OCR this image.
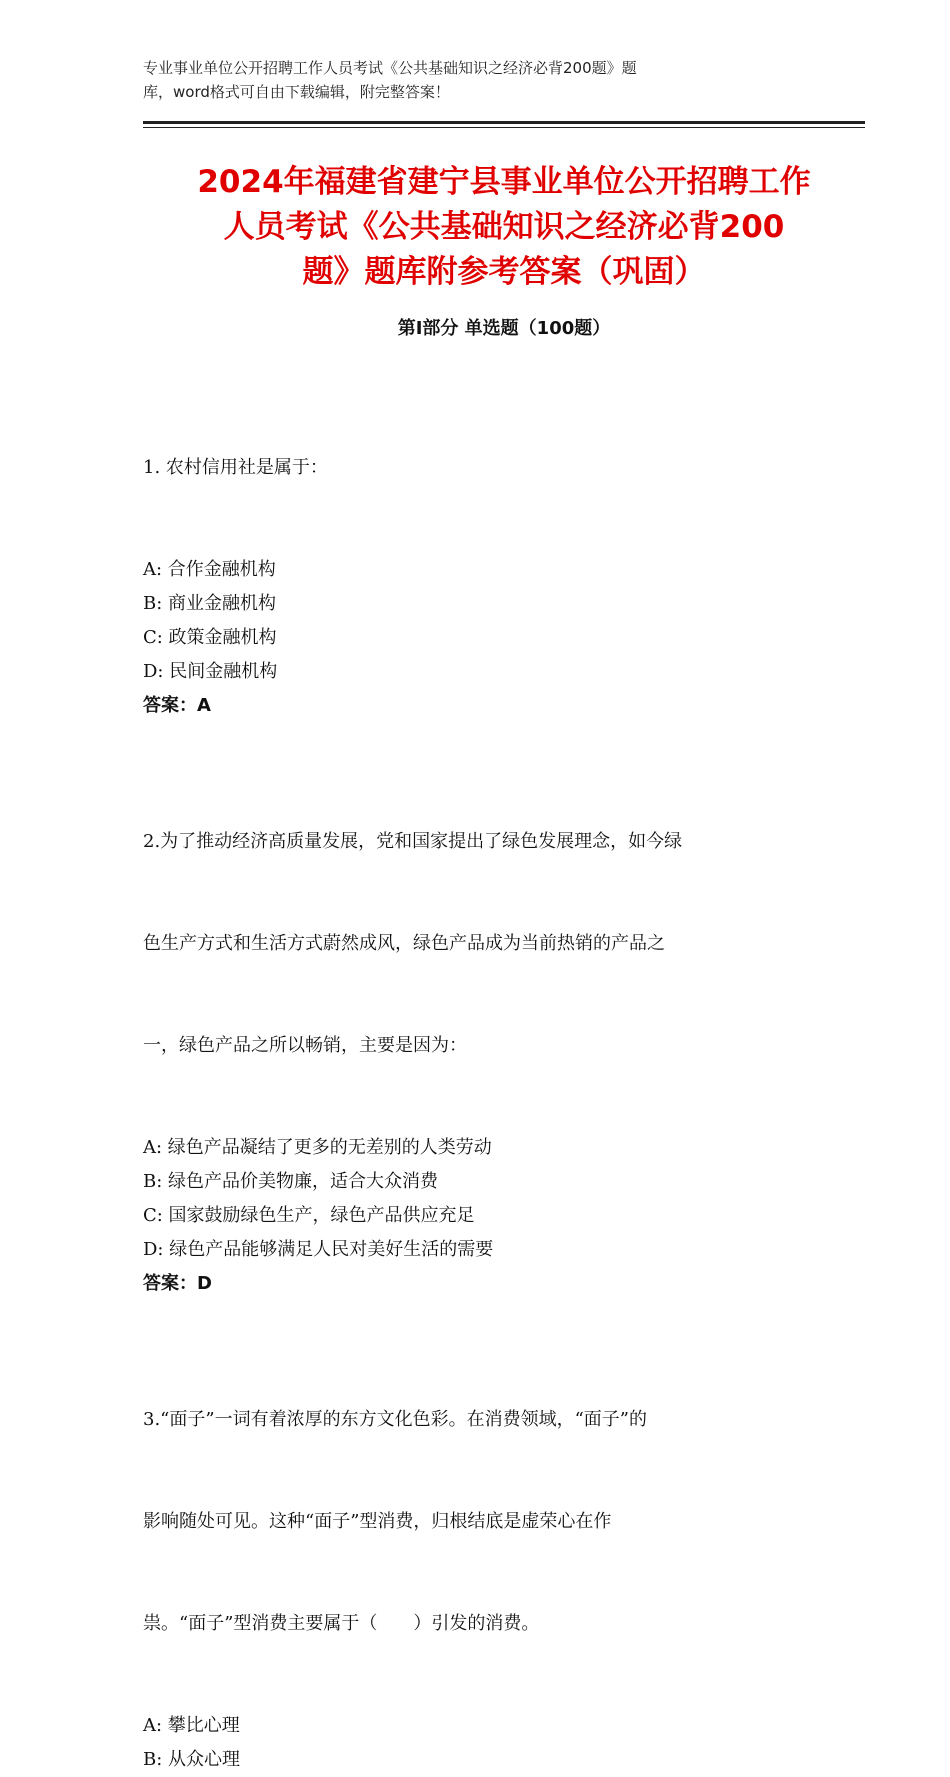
专业事业单位公开招聘工作人员考试《公共基础知识之经济必背200题》题
库，word格式可自由下载编辑，附完整答案！
2024年福建省建宁县事业单位公开招聘工作
人员考试《公共基础知识之经济必背200
题》题库附参考答案（巩固）
第Ⅰ部分 单选题（100题）

1. 农村信用社是属于：

A: 合作金融机构
B: 商业金融机构
C: 政策金融机构
D: 民间金融机构
答案：A

2.为了推动经济高质量发展，党和国家提出了绿色发展理念，如今绿

色生产方式和生活方式蔚然成风，绿色产品成为当前热销的产品之

一，绿色产品之所以畅销，主要是因为：

A: 绿色产品凝结了更多的无差别的人类劳动
B: 绿色产品价美物廉，适合大众消费
C: 国家鼓励绿色生产，绿色产品供应充足
D: 绿色产品能够满足人民对美好生活的需要
答案：D

3.“面子”一词有着浓厚的东方文化色彩。在消费领域，“面子”的

影响随处可见。这种“面子”型消费，归根结底是虚荣心在作

祟。“面子”型消费主要属于（　　）引发的消费。

A: 攀比心理
B: 从众心理
